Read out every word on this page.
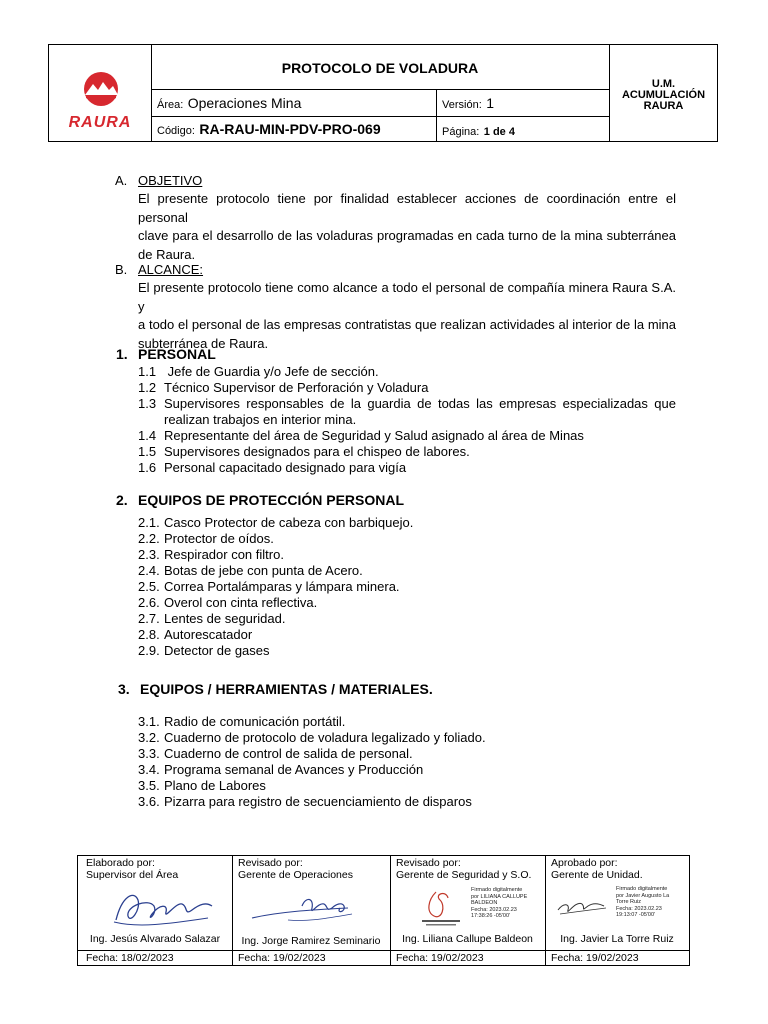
RAURA
PROTOCOLO DE VOLADURA
Área: Operaciones Mina	Versión: 1
Código: RA-RAU-MIN-PDV-PRO-069	Página: 1 de 4
U.M.
ACUMULACIÓN
RAURA
A. OBJETIVO
El presente protocolo tiene por finalidad establecer acciones de coordinación entre el personal
clave para el desarrollo de las voladuras programadas en cada turno de la mina subterránea
de Raura.
B. ALCANCE:
El presente protocolo tiene como alcance a todo el personal de compañía minera Raura S.A. y
a todo el personal de las empresas contratistas que realizan actividades al interior de la mina
subterránea de Raura.
1. PERSONAL
1.1 Jefe de Guardia y/o Jefe de sección.
1.2 Técnico Supervisor de Perforación y Voladura
1.3 Supervisores responsables de la guardia de todas las empresas especializadas que
realizan trabajos en interior mina.
1.4 Representante del área de Seguridad y Salud asignado al área de Minas
1.5 Supervisores designados para el chispeo de labores.
1.6 Personal capacitado designado para vigía
2. EQUIPOS DE PROTECCIÓN PERSONAL
2.1. Casco Protector de cabeza con barbiquejo.
2.2. Protector de oídos.
2.3. Respirador con filtro.
2.4. Botas de jebe con punta de Acero.
2.5. Correa Portalámparas y lámpara minera.
2.6. Overol con cinta reflectiva.
2.7. Lentes de seguridad.
2.8. Autorescatador
2.9. Detector de gases
3. EQUIPOS / HERRAMIENTAS / MATERIALES.
3.1. Radio de comunicación portátil.
3.2. Cuaderno de protocolo de voladura legalizado y foliado.
3.3. Cuaderno de control de salida de personal.
3.4. Programa semanal de Avances y Producción
3.5. Plano de Labores
3.6. Pizarra para registro de secuenciamiento de disparos
Elaborado por:
Supervisor del Área
Ing. Jesús Alvarado Salazar
Fecha: 18/02/2023
Revisado por:
Gerente de Operaciones
Ing. Jorge Ramirez Seminario
Fecha: 19/02/2023
Revisado por:
Gerente de Seguridad y S.O.
Firmado digitalmente
por LILIANA CALLUPE
BALDEON
Fecha: 2023.02.23
17:38:26 -05'00'
Ing. Liliana Callupe Baldeon
Fecha: 19/02/2023
Aprobado por:
Gerente de Unidad.
Firmado digitalmente
por Javier Augusto La
Torre Ruiz
Fecha: 2023.02.23
19:13:07 -05'00'
Ing. Javier La Torre Ruiz
Fecha: 19/02/2023
